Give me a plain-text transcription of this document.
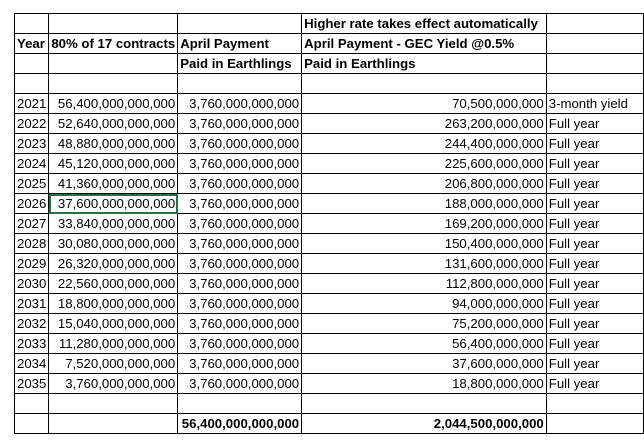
			Higher rate takes effect automatically	
Year	80% of 17 contracts	April Payment	April Payment - GEC Yield @0.5%	
		Paid in Earthlings	Paid in Earthlings	

2021	56,400,000,000,000	3,760,000,000,000	70,500,000,000	3-month yield
2022	52,640,000,000,000	3,760,000,000,000	263,200,000,000	Full year
2023	48,880,000,000,000	3,760,000,000,000	244,400,000,000	Full year
2024	45,120,000,000,000	3,760,000,000,000	225,600,000,000	Full year
2025	41,360,000,000,000	3,760,000,000,000	206,800,000,000	Full year
2026	37,600,000,000,000	3,760,000,000,000	188,000,000,000	Full year
2027	33,840,000,000,000	3,760,000,000,000	169,200,000,000	Full year
2028	30,080,000,000,000	3,760,000,000,000	150,400,000,000	Full year
2029	26,320,000,000,000	3,760,000,000,000	131,600,000,000	Full year
2030	22,560,000,000,000	3,760,000,000,000	112,800,000,000	Full year
2031	18,800,000,000,000	3,760,000,000,000	94,000,000,000	Full year
2032	15,040,000,000,000	3,760,000,000,000	75,200,000,000	Full year
2033	11,280,000,000,000	3,760,000,000,000	56,400,000,000	Full year
2034	7,520,000,000,000	3,760,000,000,000	37,600,000,000	Full year
2035	3,760,000,000,000	3,760,000,000,000	18,800,000,000	Full year

		56,400,000,000,000	2,044,500,000,000	
